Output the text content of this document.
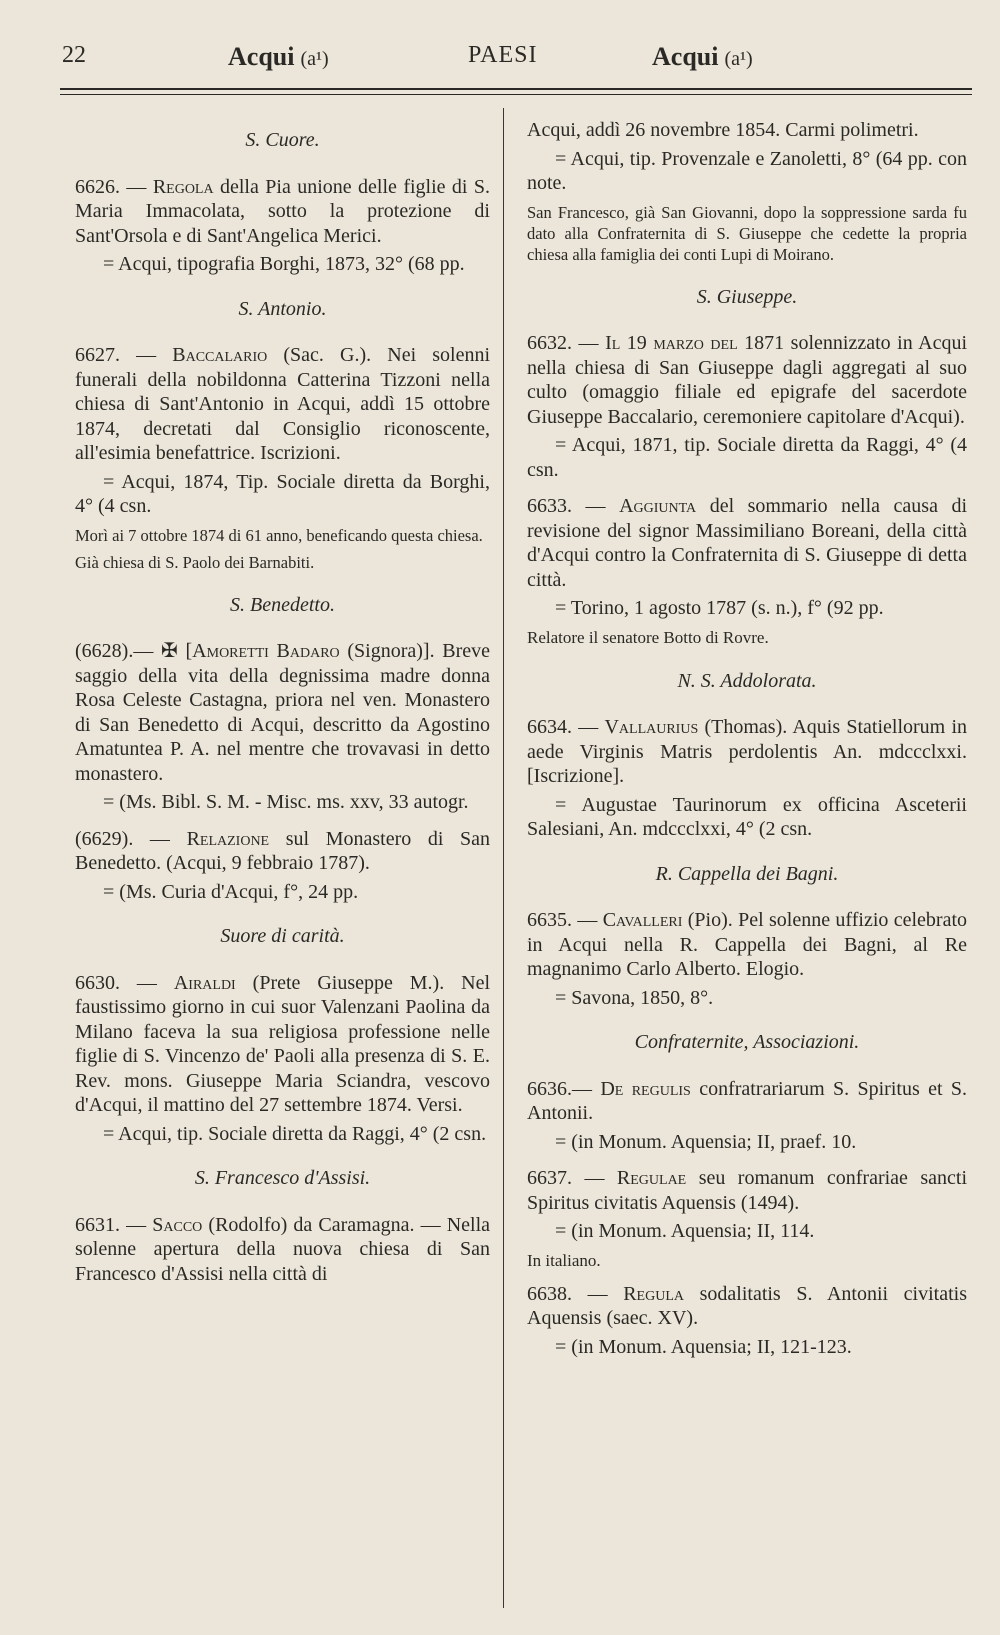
22	Acqui (a¹)	PAESI	Acqui (a¹)
S. Cuore.
6626. — Regola della Pia unione delle figlie di S. Maria Immacolata, sotto la protezione di Sant'Orsola e di Sant'Angelica Merici.
= Acqui, tipografia Borghi, 1873, 32° (68 pp.
S. Antonio.
6627. — Baccalario (Sac. G.). Nei solenni funerali della nobildonna Catterina Tizzoni nella chiesa di Sant'Antonio in Acqui, addì 15 ottobre 1874, decretati dal Consiglio riconoscente, all'esimia benefattrice. Iscrizioni.
= Acqui, 1874, Tip. Sociale diretta da Borghi, 4° (4 csn.
Morì ai 7 ottobre 1874 di 61 anno, beneficando questa chiesa.
Già chiesa di S. Paolo dei Barnabiti.
S. Benedetto.
(6628).— ✠ [Amoretti Badaro (Signora)]. Breve saggio della vita della degnissima madre donna Rosa Celeste Castagna, priora nel ven. Monastero di San Benedetto di Acqui, descritto da Agostino Amatuntea P. A. nel mentre che trovavasi in detto monastero.
= (Ms. Bibl. S. M. - Misc. ms. xxv, 33 autogr.
(6629). — Relazione sul Monastero di San Benedetto. (Acqui, 9 febbraio 1787).
= (Ms. Curia d'Acqui, f°, 24 pp.
Suore di carità.
6630. — Airaldi (Prete Giuseppe M.). Nel faustissimo giorno in cui suor Valenzani Paolina da Milano faceva la sua religiosa professione nelle figlie di S. Vincenzo de' Paoli alla presenza di S. E. Rev. mons. Giuseppe Maria Sciandra, vescovo d'Acqui, il mattino del 27 settembre 1874. Versi.
= Acqui, tip. Sociale diretta da Raggi, 4° (2 csn.
S. Francesco d'Assisi.
6631. — Sacco (Rodolfo) da Caramagna. — Nella solenne apertura della nuova chiesa di San Francesco d'Assisi nella città di
Acqui, addì 26 novembre 1854. Carmi polimetri.
= Acqui, tip. Provenzale e Zanoletti, 8° (64 pp. con note.
San Francesco, già San Giovanni, dopo la soppressione sarda fu dato alla Confraternita di S. Giuseppe che cedette la propria chiesa alla famiglia dei conti Lupi di Moirano.
S. Giuseppe.
6632. — Il 19 marzo del 1871 solennizzato in Acqui nella chiesa di San Giuseppe dagli aggregati al suo culto (omaggio filiale ed epigrafe del sacerdote Giuseppe Baccalario, ceremoniere capitolare d'Acqui).
= Acqui, 1871, tip. Sociale diretta da Raggi, 4° (4 csn.
6633. — Aggiunta del sommario nella causa di revisione del signor Massimiliano Boreani, della città d'Acqui contro la Confraternita di S. Giuseppe di detta città.
= Torino, 1 agosto 1787 (s. n.), f° (92 pp.
Relatore il senatore Botto di Rovre.
N. S. Addolorata.
6634. — Vallaurius (Thomas). Aquis Statiellorum in aede Virginis Matris perdolentis An. mdccclxxi. [Iscrizione].
= Augustae Taurinorum ex officina Asceterii Salesiani, An. mdccclxxi, 4° (2 csn.
R. Cappella dei Bagni.
6635. — Cavalleri (Pio). Pel solenne uffizio celebrato in Acqui nella R. Cappella dei Bagni, al Re magnanimo Carlo Alberto. Elogio.
= Savona, 1850, 8°.
Confraternite, Associazioni.
6636.— De regulis confratrariarum S. Spiritus et S. Antonii.
= (in Monum. Aquensia; II, praef. 10.
6637. — Regulae seu romanum confrariae sancti Spiritus civitatis Aquensis (1494).
= (in Monum. Aquensia; II, 114.
In italiano.
6638. — Regula sodalitatis S. Antonii civitatis Aquensis (saec. XV).
= (in Monum. Aquensia; II, 121-123.
